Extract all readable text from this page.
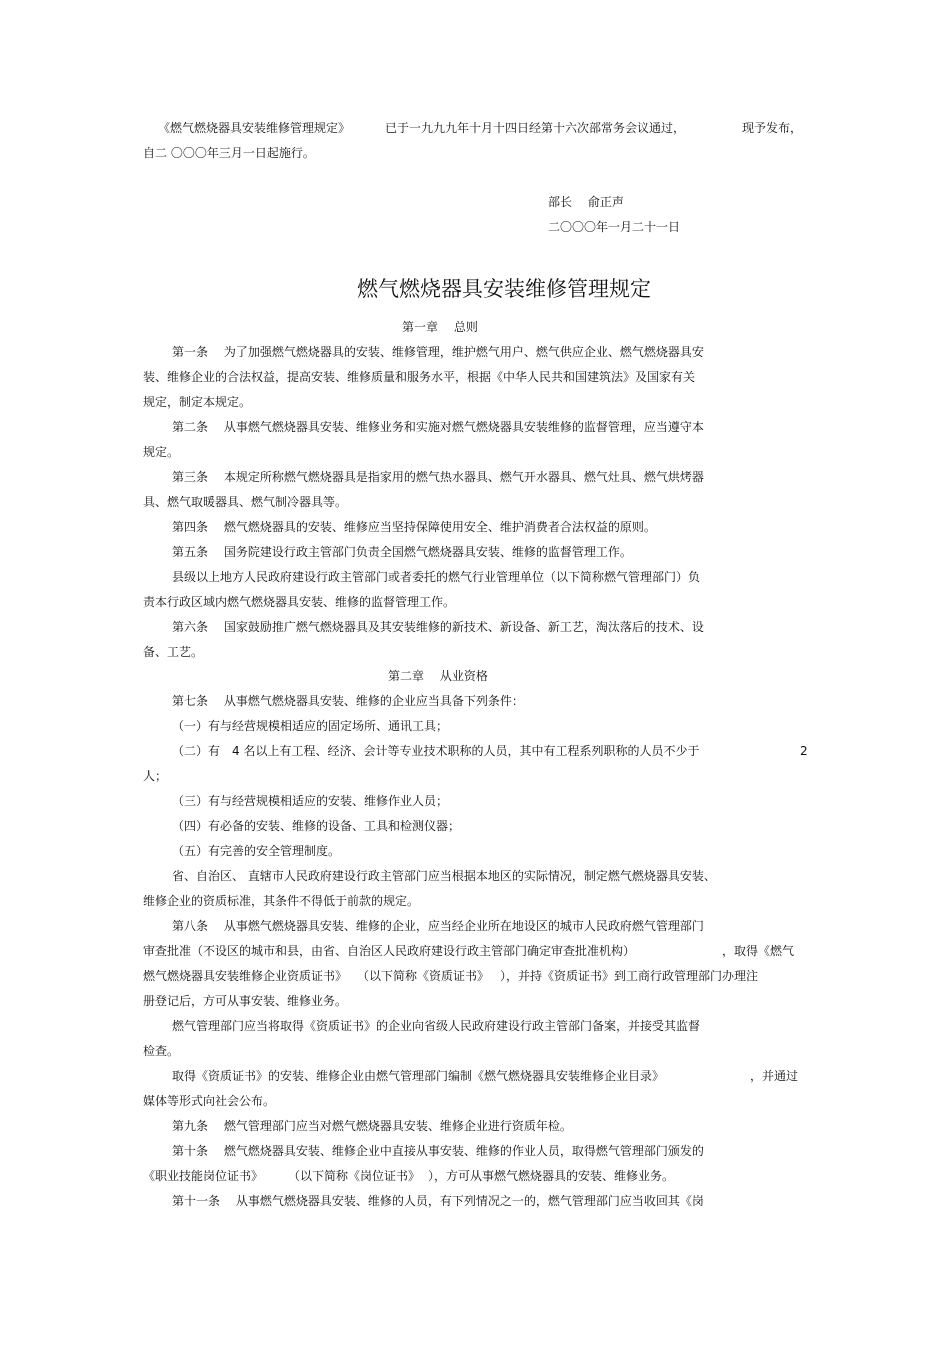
《燃气燃烧器具安装维修管理规定》	已于一九九九年十月十四日经第十六次部常务会议通过，	现予发布，
自二 〇〇〇年三月一日起施行。
部长　 俞正声
二〇〇〇年一月二十一日
燃气燃烧器具安装维修管理规定
第一章　 总则
第一条　 为了加强燃气燃烧器具的安装、维修管理，维护燃气用户、燃气供应企业、燃气燃烧器具安
装、维修企业的合法权益，提高安装、维修质量和服务水平，根据《中华人民共和国建筑法》及国家有关
规定，制定本规定。
第二条　 从事燃气燃烧器具安装、维修业务和实施对燃气燃烧器具安装维修的监督管理，应当遵守本
规定。
第三条　 本规定所称燃气燃烧器具是指家用的燃气热水器具、燃气开水器具、燃气灶具、燃气烘烤器
具、燃气取暖器具、燃气制冷器具等。
第四条　 燃气燃烧器具的安装、维修应当坚持保障使用安全、维护消费者合法权益的原则。
第五条　 国务院建设行政主管部门负责全国燃气燃烧器具安装、维修的监督管理工作。
县级以上地方人民政府建设行政主管部门或者委托的燃气行业管理单位（以下简称燃气管理部门）负
责本行政区域内燃气燃烧器具安装、维修的监督管理工作。
第六条　 国家鼓励推广燃气燃烧器具及其安装维修的新技术、新设备、新工艺，淘汰落后的技术、设
备、工艺。
第二章　 从业资格
第七条　 从事燃气燃烧器具安装、维修的企业应当具备下列条件：
（一）有与经营规模相适应的固定场所、通讯工具；
（二）有　4 名以上有工程、经济、会计等专业技术职称的人员，其中有工程系列职称的人员不少于	2
人；
（三）有与经营规模相适应的安装、维修作业人员；
（四）有必备的安装、维修的设备、工具和检测仪器；
（五）有完善的安全管理制度。
省、自治区、 直辖市人民政府建设行政主管部门应当根据本地区的实际情况，制定燃气燃烧器具安装、
维修企业的资质标准，其条件不得低于前款的规定。
第八条　 从事燃气燃烧器具安装、维修的企业，应当经企业所在地设区的城市人民政府燃气管理部门
审查批准（不设区的城市和县，由省、自治区人民政府建设行政主管部门确定审查批准机构）	，取得《燃气
燃气燃烧器具安装维修企业资质证书》 （以下简称《资质证书》 ），并持《资质证书》到工商行政管理部门办理注
册登记后，方可从事安装、维修业务。
燃气管理部门应当将取得《资质证书》的企业向省级人民政府建设行政主管部门备案，并接受其监督
检查。
取得《资质证书》的安装、维修企业由燃气管理部门编制《燃气燃烧器具安装维修企业目录》	，并通过
媒体等形式向社会公布。
第九条　 燃气管理部门应当对燃气燃烧器具安装、维修企业进行资质年检。
第十条　 燃气燃烧器具安装、维修企业中直接从事安装、维修的作业人员，取得燃气管理部门颁发的
《职业技能岗位证书》 （以下简称《岗位证书》 ），方可从事燃气燃烧器具的安装、维修业务。
第十一条　 从事燃气燃烧器具安装、维修的人员，有下列情况之一的，燃气管理部门应当收回其《岗
